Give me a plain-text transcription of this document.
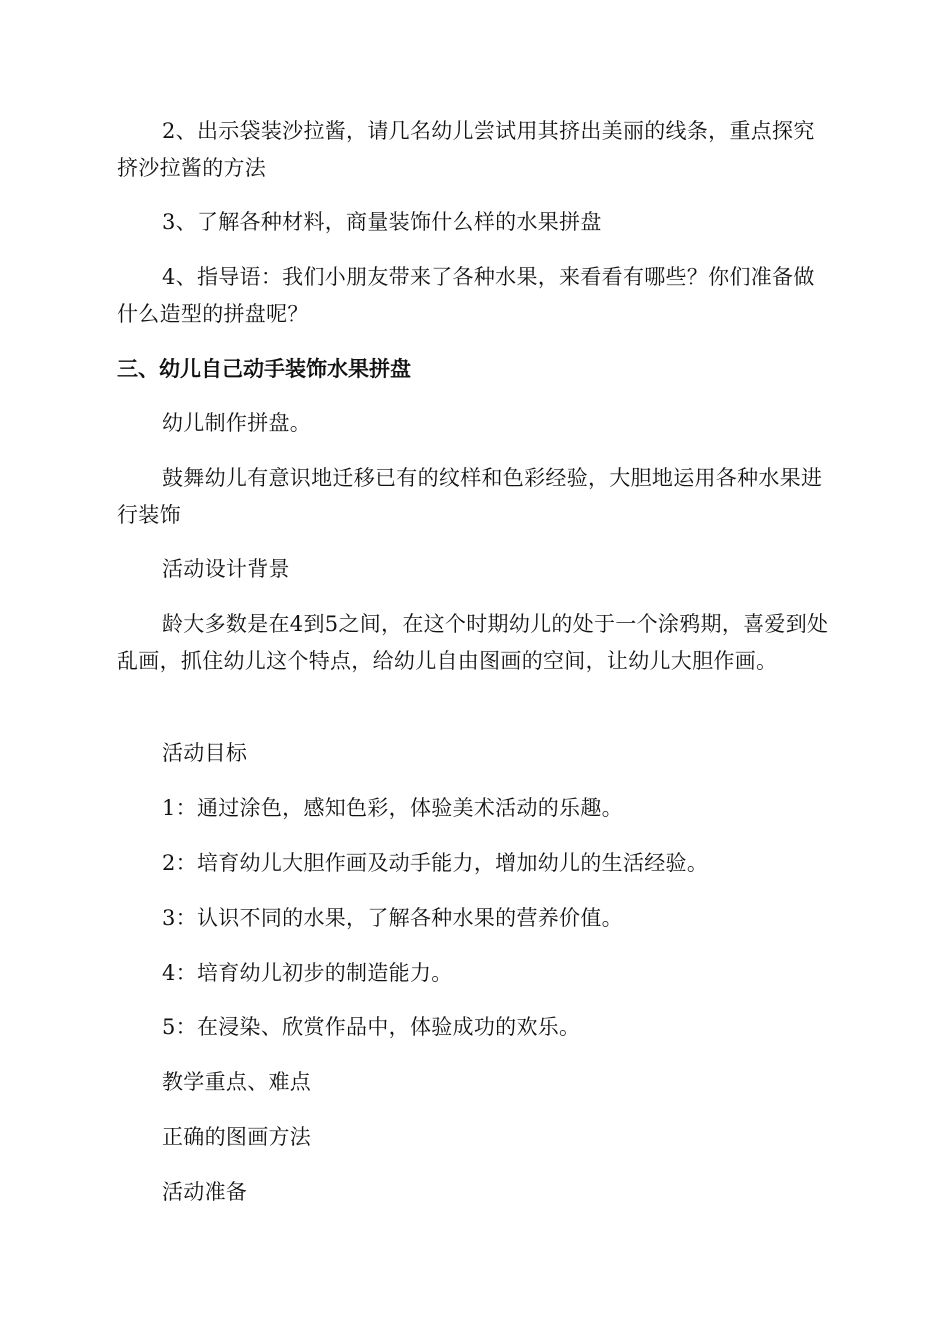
2、出示袋装沙拉酱，请几名幼儿尝试用其挤出美丽的线条，重点探究挤沙拉酱的方法

3、了解各种材料，商量装饰什么样的水果拼盘

4、指导语：我们小朋友带来了各种水果，来看看有哪些？你们准备做什么造型的拼盘呢？

三、幼儿自己动手装饰水果拼盘

幼儿制作拼盘。

鼓舞幼儿有意识地迁移已有的纹样和色彩经验，大胆地运用各种水果进行装饰

活动设计背景

龄大多数是在4到5之间，在这个时期幼儿的处于一个涂鸦期，喜爱到处乱画，抓住幼儿这个特点，给幼儿自由图画的空间，让幼儿大胆作画。

活动目标

1：通过涂色，感知色彩，体验美术活动的乐趣。

2：培育幼儿大胆作画及动手能力，增加幼儿的生活经验。

3：认识不同的水果，了解各种水果的营养价值。

4：培育幼儿初步的制造能力。

5：在浸染、欣赏作品中，体验成功的欢乐。

教学重点、难点

正确的图画方法

活动准备
